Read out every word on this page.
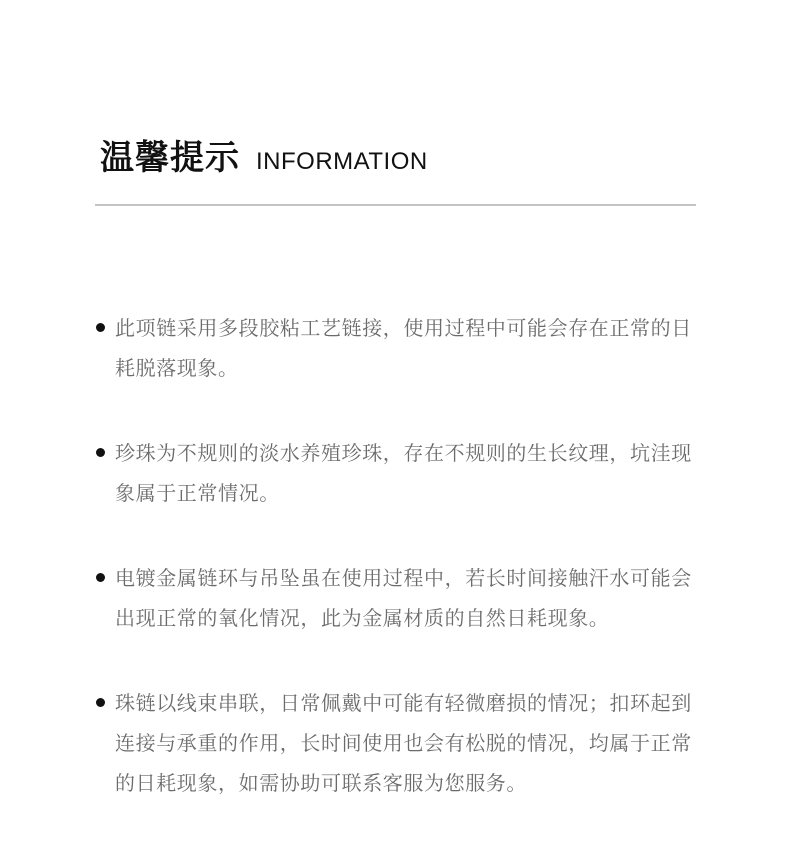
温馨提示 INFORMATION
此项链采用多段胶粘工艺链接，使用过程中可能会存在正常的日耗脱落现象。
珍珠为不规则的淡水养殖珍珠，存在不规则的生长纹理，坑洼现象属于正常情况。
电镀金属链环与吊坠虽在使用过程中，若长时间接触汗水可能会出现正常的氧化情况，此为金属材质的自然日耗现象。
珠链以线束串联，日常佩戴中可能有轻微磨损的情况；扣环起到连接与承重的作用，长时间使用也会有松脱的情况，均属于正常的日耗现象，如需协助可联系客服为您服务。
